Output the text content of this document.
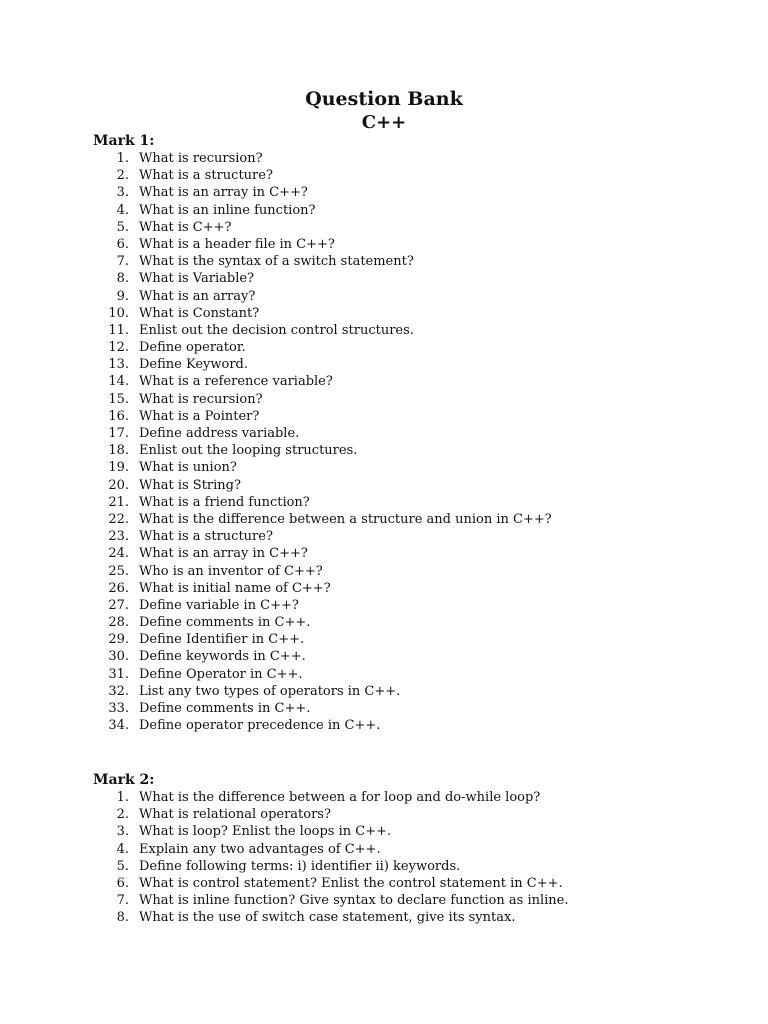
Question Bank
C++
Mark 1:
1. What is recursion?
2. What is a structure?
3. What is an array in C++?
4. What is an inline function?
5. What is C++?
6. What is a header file in C++?
7. What is the syntax of a switch statement?
8. What is Variable?
9. What is an array?
10. What is Constant?
11. Enlist out the decision control structures.
12. Define operator.
13. Define Keyword.
14. What is a reference variable?
15. What is recursion?
16. What is a Pointer?
17. Define address variable.
18. Enlist out the looping structures.
19. What is union?
20. What is String?
21. What is a friend function?
22. What is the difference between a structure and union in C++?
23. What is a structure?
24. What is an array in C++?
25. Who is an inventor of C++?
26. What is initial name of C++?
27. Define variable in C++?
28. Define comments in C++.
29. Define Identifier in C++.
30. Define keywords in C++.
31. Define Operator in C++.
32. List any two types of operators in C++.
33. Define comments in C++.
34. Define operator precedence in C++.
Mark 2:
1. What is the difference between a for loop and do-while loop?
2. What is relational operators?
3. What is loop? Enlist the loops in C++.
4. Explain any two advantages of C++.
5. Define following terms: i) identifier ii) keywords.
6. What is control statement? Enlist the control statement in C++.
7. What is inline function? Give syntax to declare function as inline.
8. What is the use of switch case statement, give its syntax.
